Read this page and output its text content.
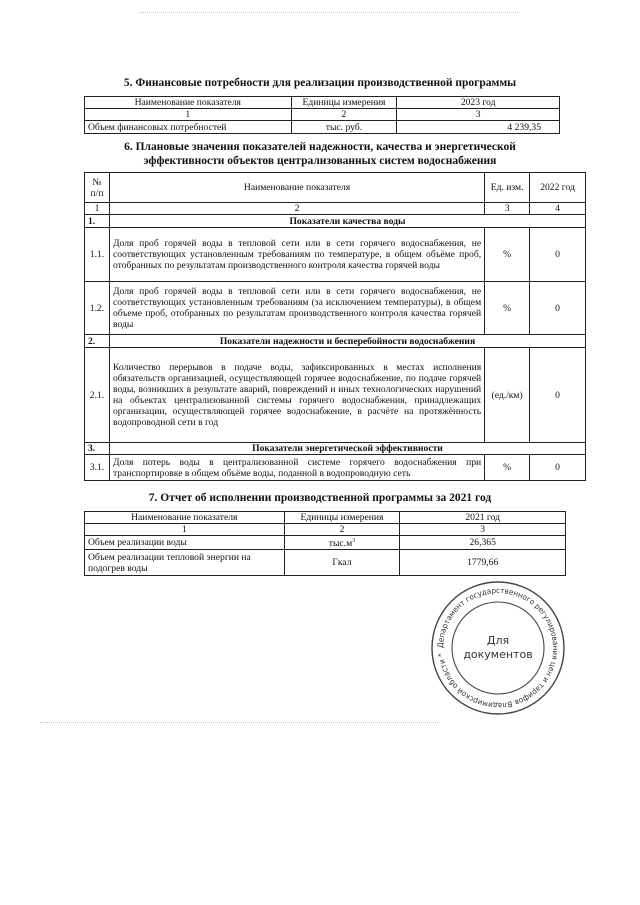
5. Финансовые потребности для реализации производственной программы
Наименование показателя	Единицы измерения	2023 год
1	2	3
Объем финансовых потребностей	тыс. руб.	4 239,35
6. Плановые значения показателей надежности, качества и энергетической
эффективности объектов централизованных систем водоснабжения
№ п/п	Наименование показателя	Ед. изм.	2022 год
1	2	3	4
1.	Показатели качества воды		
1.1.	Доля проб горячей воды в тепловой сети или в сети горячего водоснабжения, не соответствующих установленным требованиям по температуре, в общем объёме проб, отобранных по результатам производственного контроля качества горячей воды	%	0
1.2.	Доля проб горячей воды в тепловой сети или в сети горячего водоснабжения, не соответствующих установленным требованиям (за исключением температуры), в общем объеме проб, отобранных по результатам производственного контроля качества горячей воды	%	0
2.	Показатели надежности и бесперебойности водоснабжения		
2.1.	Количество перерывов в подаче воды, зафиксированных в местах исполнения обязательств организацией, осуществляющей горячее водоснабжение, по подаче горячей воды, возникших в результате аварий, повреждений и иных технологических нарушений на объектах централизованной системы горячего водоснабжения, принадлежащих организации, осуществляющей горячее водоснабжение, в расчёте на протяжённость водопроводной сети в год	(ед./км)	0
3.	Показатели энергетической эффективности		
3.1.	Доля потерь воды в централизованной системе горячего водоснабжения при транспортировке в общем объёме воды, поданной в водопроводную сеть	%	0
7. Отчет об исполнении производственной программы за 2021 год
Наименование показателя	Единицы измерения	2021 год
1	2	3
Объем реализации воды	$тыс.м^3$	26,365
Объем реализации тепловой энергии на подогрев воды	Гкал	1779,66
Департамент государственного регулирования цен и тарифов Владимирской области *
Для
документов
